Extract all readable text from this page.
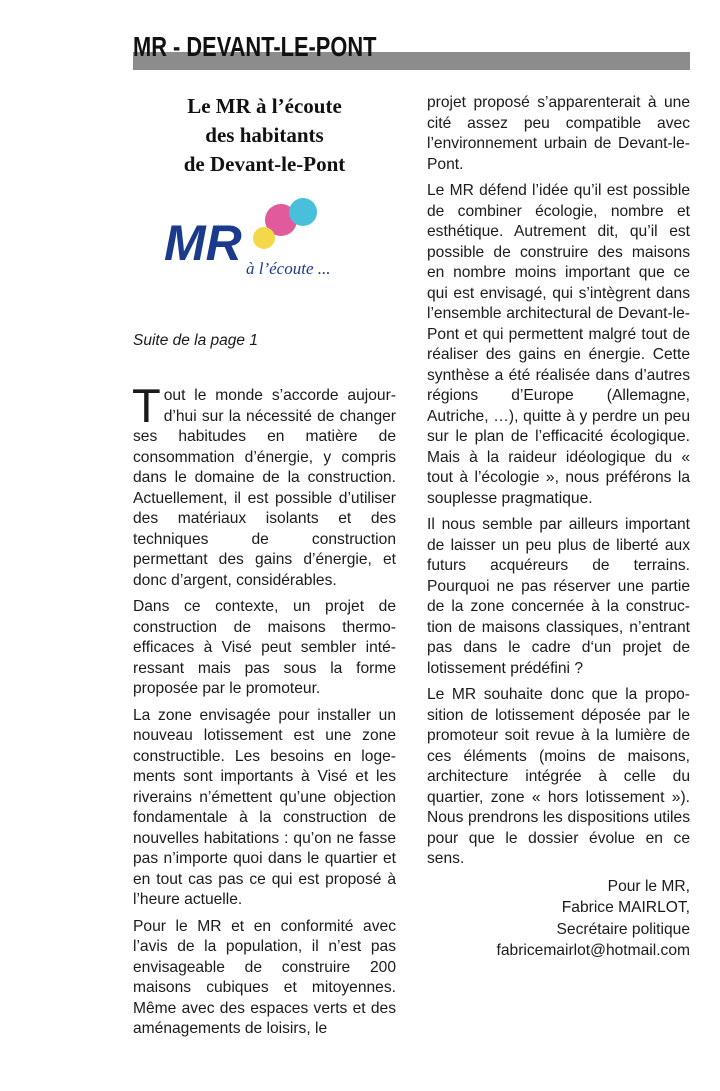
MR - DEVANT-LE-PONT
Le MR à l’écoute
des habitants
de Devant-le-Pont
MR à l’écoute ...

Suite de la page 1

Tout le monde s’accorde aujourd’hui sur la nécessité de changer ses habitudes en matière de consommation d’énergie, y compris dans le domaine de la construction. Actuellement, il est possible d’utiliser des matériaux isolants et des techniques de construction permettant des gains d’énergie, et donc d’argent, considérables.

Dans ce contexte, un projet de construction de maisons thermoefficaces à Visé peut sembler intéressant mais pas sous la forme proposée par le promoteur.

La zone envisagée pour installer un nouveau lotissement est une zone constructible. Les besoins en logements sont importants à Visé et les riverains n’émettent qu’une objection fondamentale à la construction de nouvelles habitations : qu’on ne fasse pas n’importe quoi dans le quartier et en tout cas pas ce qui est proposé à l’heure actuelle.

Pour le MR et en conformité avec l’avis de la population, il n’est pas envisageable de construire 200 maisons cubiques et mitoyennes. Même avec des espaces verts et des aménagements de loisirs, le

projet proposé s’apparenterait à une cité assez peu compatible avec l’environnement urbain de Devant-le-Pont.

Le MR défend l’idée qu’il est possible de combiner écologie, nombre et esthétique. Autrement dit, qu’il est possible de construire des maisons en nombre moins important que ce qui est envisagé, qui s’intègrent dans l’ensemble architectural de Devant-le-Pont et qui permettent malgré tout de réaliser des gains en énergie. Cette synthèse a été réalisée dans d’autres régions d’Europe (Allemagne, Autriche, …), quitte à y perdre un peu sur le plan de l’efficacité écologique. Mais à la raideur idéologique du « tout à l’écologie », nous préférons la souplesse pragmatique.

Il nous semble par ailleurs important de laisser un peu plus de liberté aux futurs acquéreurs de terrains. Pourquoi ne pas réserver une partie de la zone concernée à la construction de maisons classiques, n’entrant pas dans le cadre d‘un projet de lotissement prédéfini ?

Le MR souhaite donc que la proposition de lotissement déposée par le promoteur soit revue à la lumière de ces éléments (moins de maisons, architecture intégrée à celle du quartier, zone « hors lotissement »). Nous prendrons les dispositions utiles pour que le dossier évolue en ce sens.

Pour le MR,
Fabrice MAIRLOT,
Secrétaire politique
fabricemairlot@hotmail.com
